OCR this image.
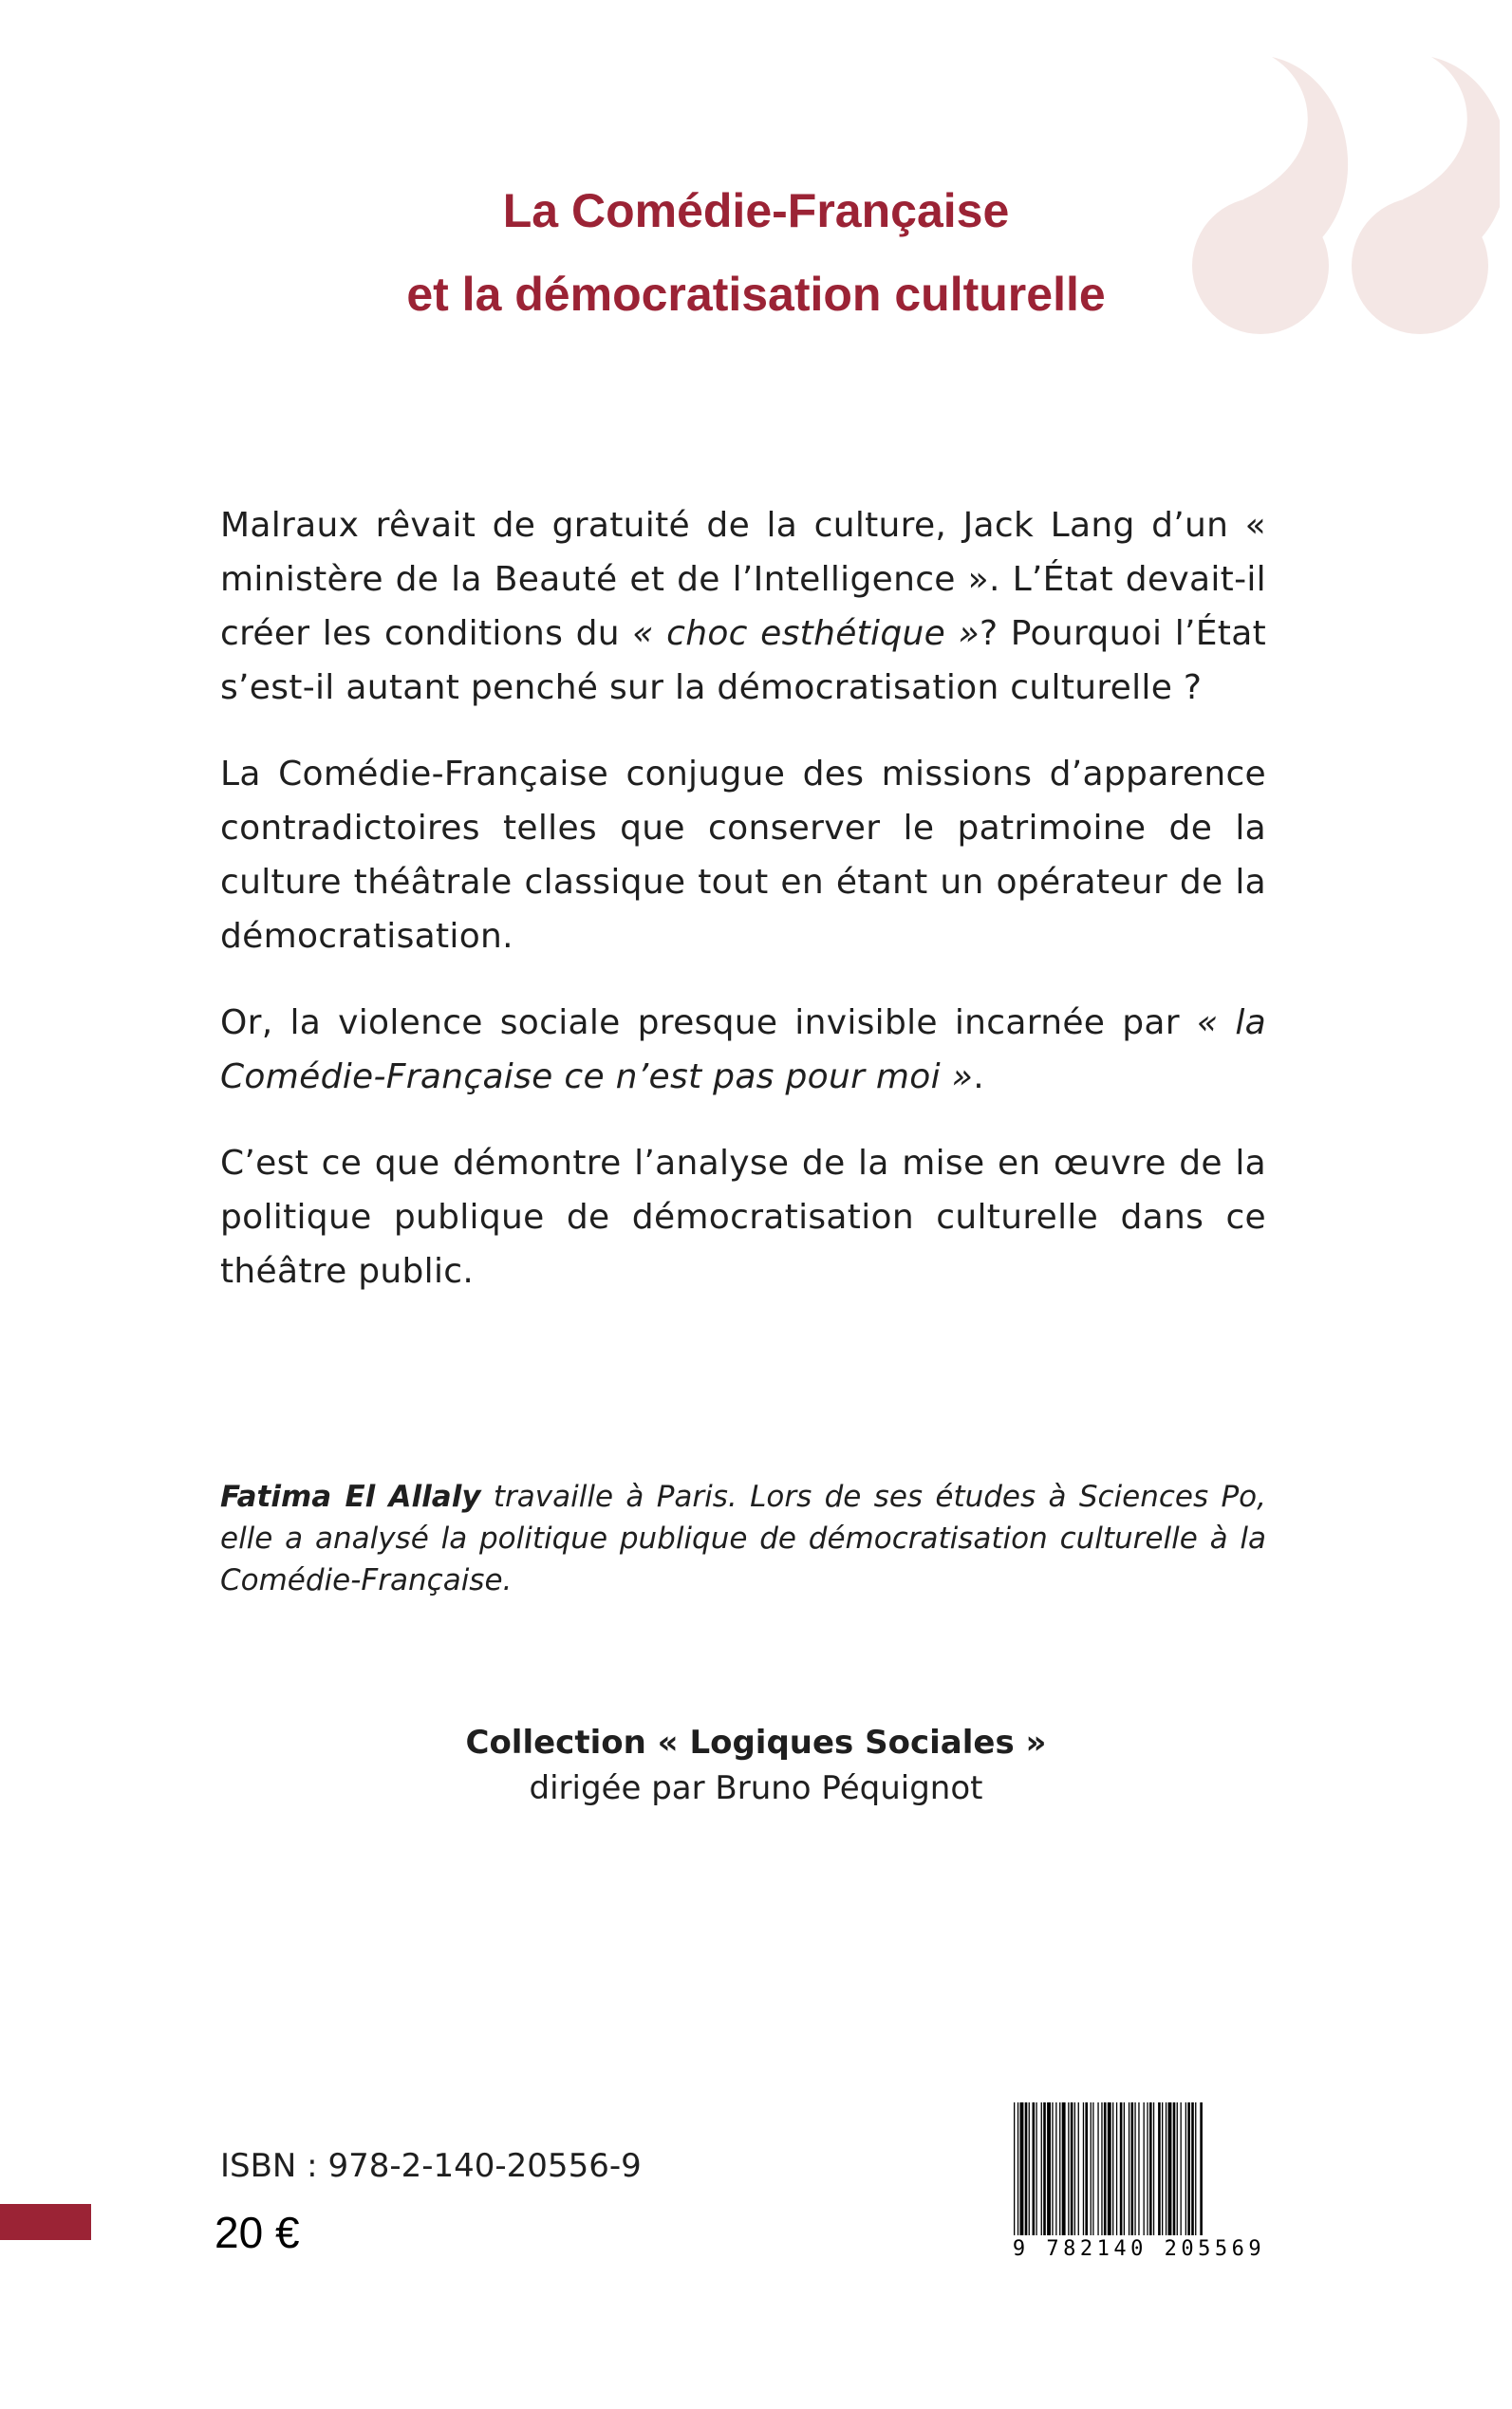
La Comédie-Française
et la démocratisation culturelle

Malraux rêvait de gratuité de la culture, Jack Lang d’un « ministère de la Beauté et de l’Intelligence ». L’État devait-il créer les conditions du « choc esthétique »? Pourquoi l’État s’est-il autant penché sur la démocratisation culturelle ?

La Comédie-Française conjugue des missions d’apparence contradictoires telles que conserver le patrimoine de la culture théâtrale classique tout en étant un opérateur de la démocratisation.

Or, la violence sociale presque invisible incarnée par « la Comédie-Française ce n’est pas pour moi ».

C’est ce que démontre l’analyse de la mise en œuvre de la politique publique de démocratisation culturelle dans ce théâtre public.

Fatima El Allaly travaille à Paris. Lors de ses études à Sciences Po, elle a analysé la politique publique de démocratisation culturelle à la Comédie-Française.
Collection « Logiques Sociales »
dirigée par Bruno Péquignot
ISBN : 978-2-140-20556-9
20 €	9 782140 205569
